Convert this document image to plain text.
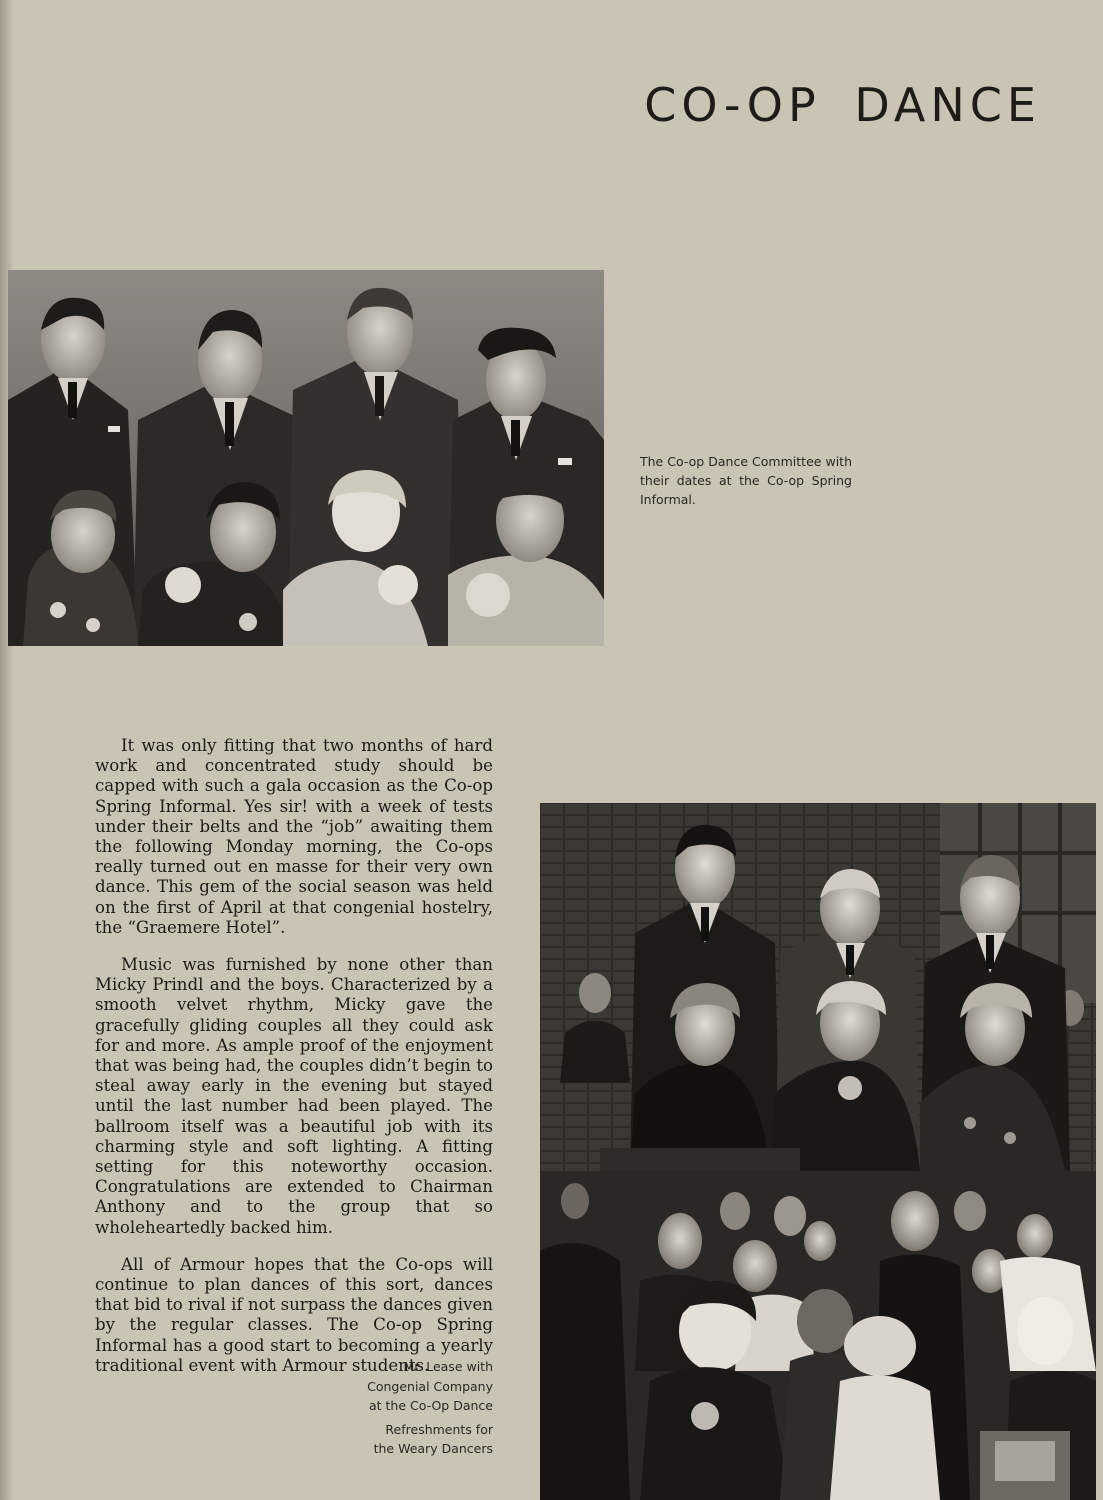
CO-OP DANCE

The Co-op Dance Committee with their dates at the Co-op Spring Informal.

It was only fitting that two months of hard work and concentrated study should be capped with such a gala occasion as the Co-op Spring Informal. Yes sir! with a week of tests under their belts and the “job” awaiting them the following Monday morning, the Co-ops really turned out en masse for their very own dance. This gem of the social season was held on the first of April at that congenial hostelry, the “Graemere Hotel”.

Music was furnished by none other than Micky Prindl and the boys. Characterized by a smooth velvet rhythm, Micky gave the gracefully gliding couples all they could ask for and more. As ample proof of the enjoyment that was being had, the couples didn’t begin to steal away early in the evening but stayed until the last number had been played. The ballroom itself was a beautiful job with its charming style and soft lighting. A fitting setting for this noteworthy occasion. Congratulations are extended to Chairman Anthony and to the group that so wholeheartedly backed him.

All of Armour hopes that the Co-ops will continue to plan dances of this sort, dances that bid to rival if not surpass the dances given by the regular classes. The Co-op Spring Informal has a good start to becoming a yearly traditional event with Armour students.

Mr. Lease with

Congenial Company

at the Co-Op Dance

Refreshments for

the Weary Dancers
